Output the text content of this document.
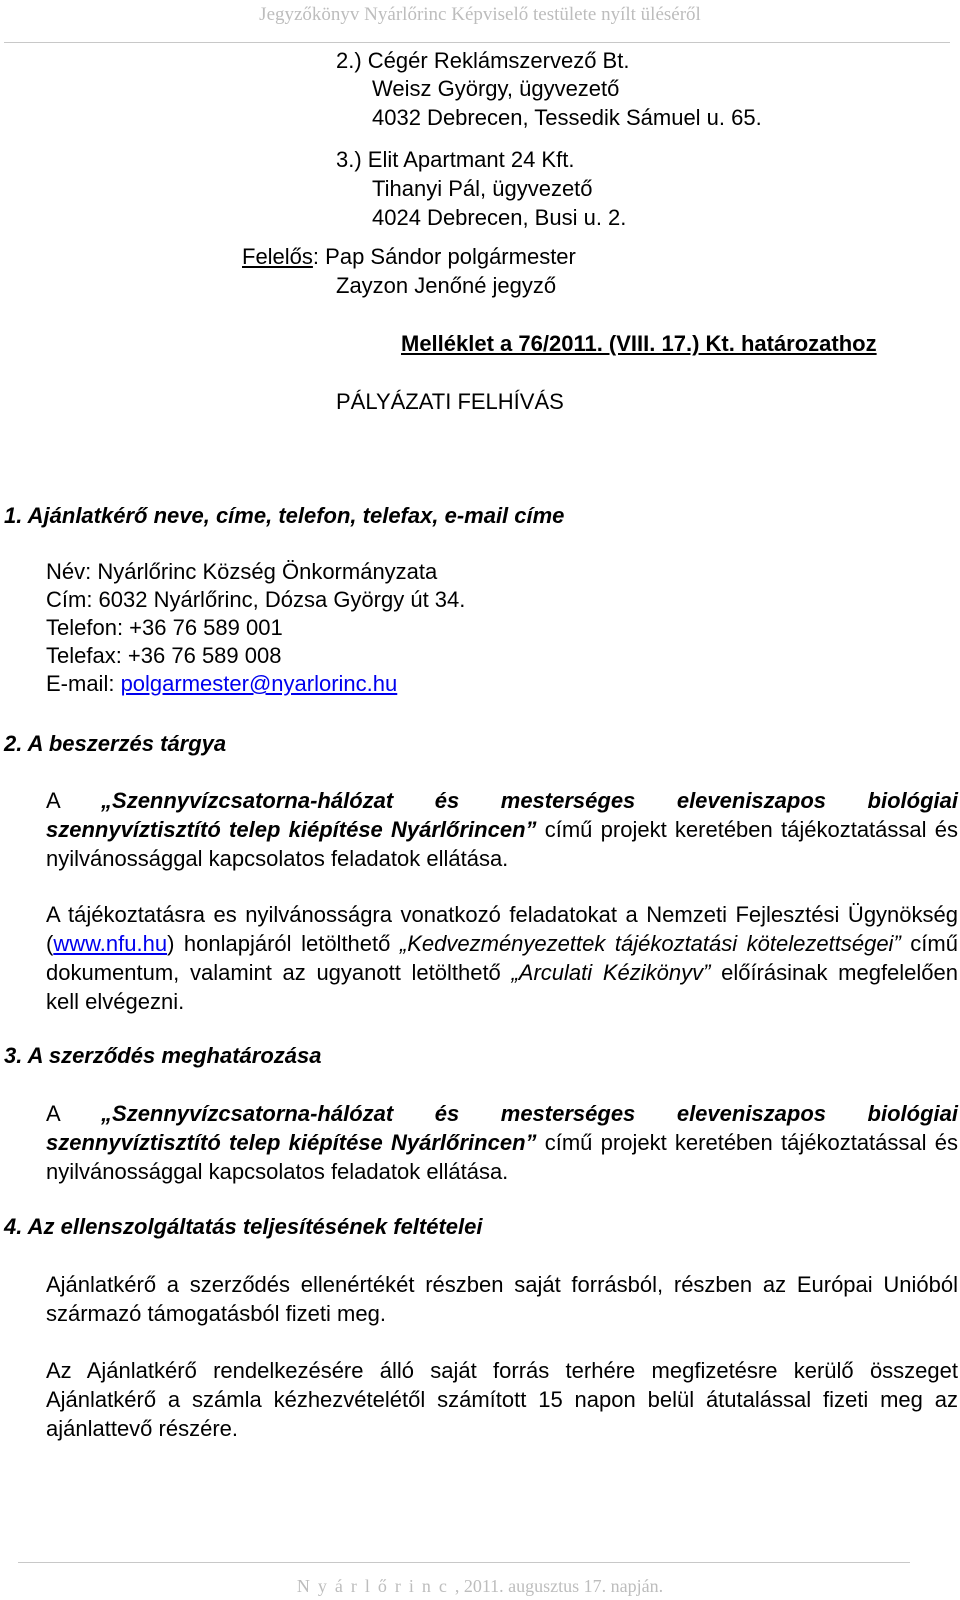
Jegyzőkönyv Nyárlőrinc Képviselő testülete nyílt üléséről
2.) Cégér Reklámszervező Bt.
Weisz György, ügyvezető
4032 Debrecen, Tessedik Sámuel u. 65.
3.) Elit Apartmant 24 Kft.
Tihanyi Pál, ügyvezető
4024 Debrecen, Busi u. 2.
Felelős: Pap Sándor polgármester
Zayzon Jenőné jegyző
Melléklet a 76/2011. (VIII. 17.) Kt. határozathoz
PÁLYÁZATI FELHÍVÁS
1. Ajánlatkérő neve, címe, telefon, telefax, e-mail címe
Név: Nyárlőrinc Község Önkormányzata
Cím: 6032 Nyárlőrinc, Dózsa György út 34.
Telefon: +36 76 589 001
Telefax: +36 76 589 008
E-mail: polgarmester@nyarlorinc.hu
2. A beszerzés tárgya
A „Szennyvízcsatorna-hálózat és mesterséges eleveniszapos biológiai szennyvíztisztító telep kiépítése Nyárlőrincen” című projekt keretében tájékoztatással és nyilvánossággal kapcsolatos feladatok ellátása.
A tájékoztatásra es nyilvánosságra vonatkozó feladatokat a Nemzeti Fejlesztési Ügynökség (www.nfu.hu) honlapjáról letölthető „Kedvezményezettek tájékoztatási kötelezettségei” című dokumentum, valamint az ugyanott letölthető „Arculati Kézikönyv” előírásinak megfelelően kell elvégezni.
3. A szerződés meghatározása
A „Szennyvízcsatorna-hálózat és mesterséges eleveniszapos biológiai szennyvíztisztító telep kiépítése Nyárlőrincen” című projekt keretében tájékoztatással és nyilvánossággal kapcsolatos feladatok ellátása.
4. Az ellenszolgáltatás teljesítésének feltételei
Ajánlatkérő a szerződés ellenértékét részben saját forrásból, részben az Európai Unióból származó támogatásból fizeti meg.
Az Ajánlatkérő rendelkezésére álló saját forrás terhére megfizetésre kerülő összeget Ajánlatkérő a számla kézhezvételétől számított 15 napon belül átutalással fizeti meg az ajánlattevő részére.
Nyárlőrinc, 2011. augusztus 17. napján.
